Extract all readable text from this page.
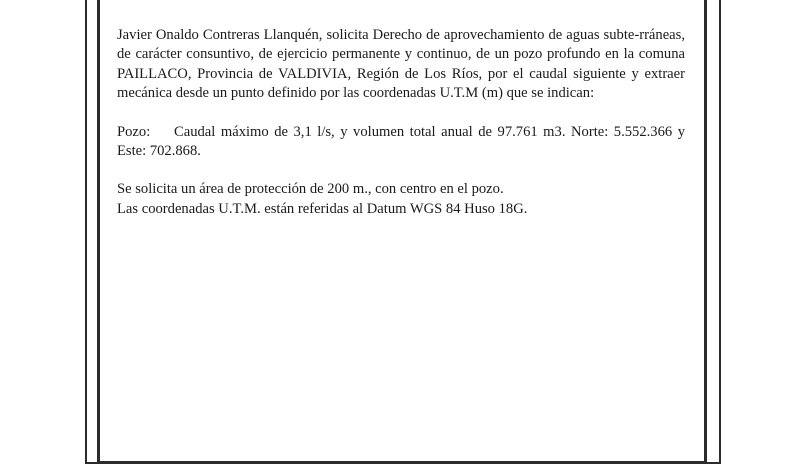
Javier Onaldo Contreras Llanquén, solicita Derecho de aprovechamiento de aguas subte-rráneas, de carácter consuntivo, de ejercicio permanente y continuo, de un pozo profundo en la comuna PAILLACO, Provincia de VALDIVIA, Región de Los Ríos, por el caudal siguiente y extraer mecánica desde un punto definido por las coordenadas U.T.M (m) que se indican:

Pozo: Caudal máximo de 3,1 l/s, y volumen total anual de 97.761 m3. Norte: 5.552.366 y Este: 702.868.

Se solicita un área de protección de 200 m., con centro en el pozo.

Las coordenadas U.T.M. están referidas al Datum WGS 84 Huso 18G.
